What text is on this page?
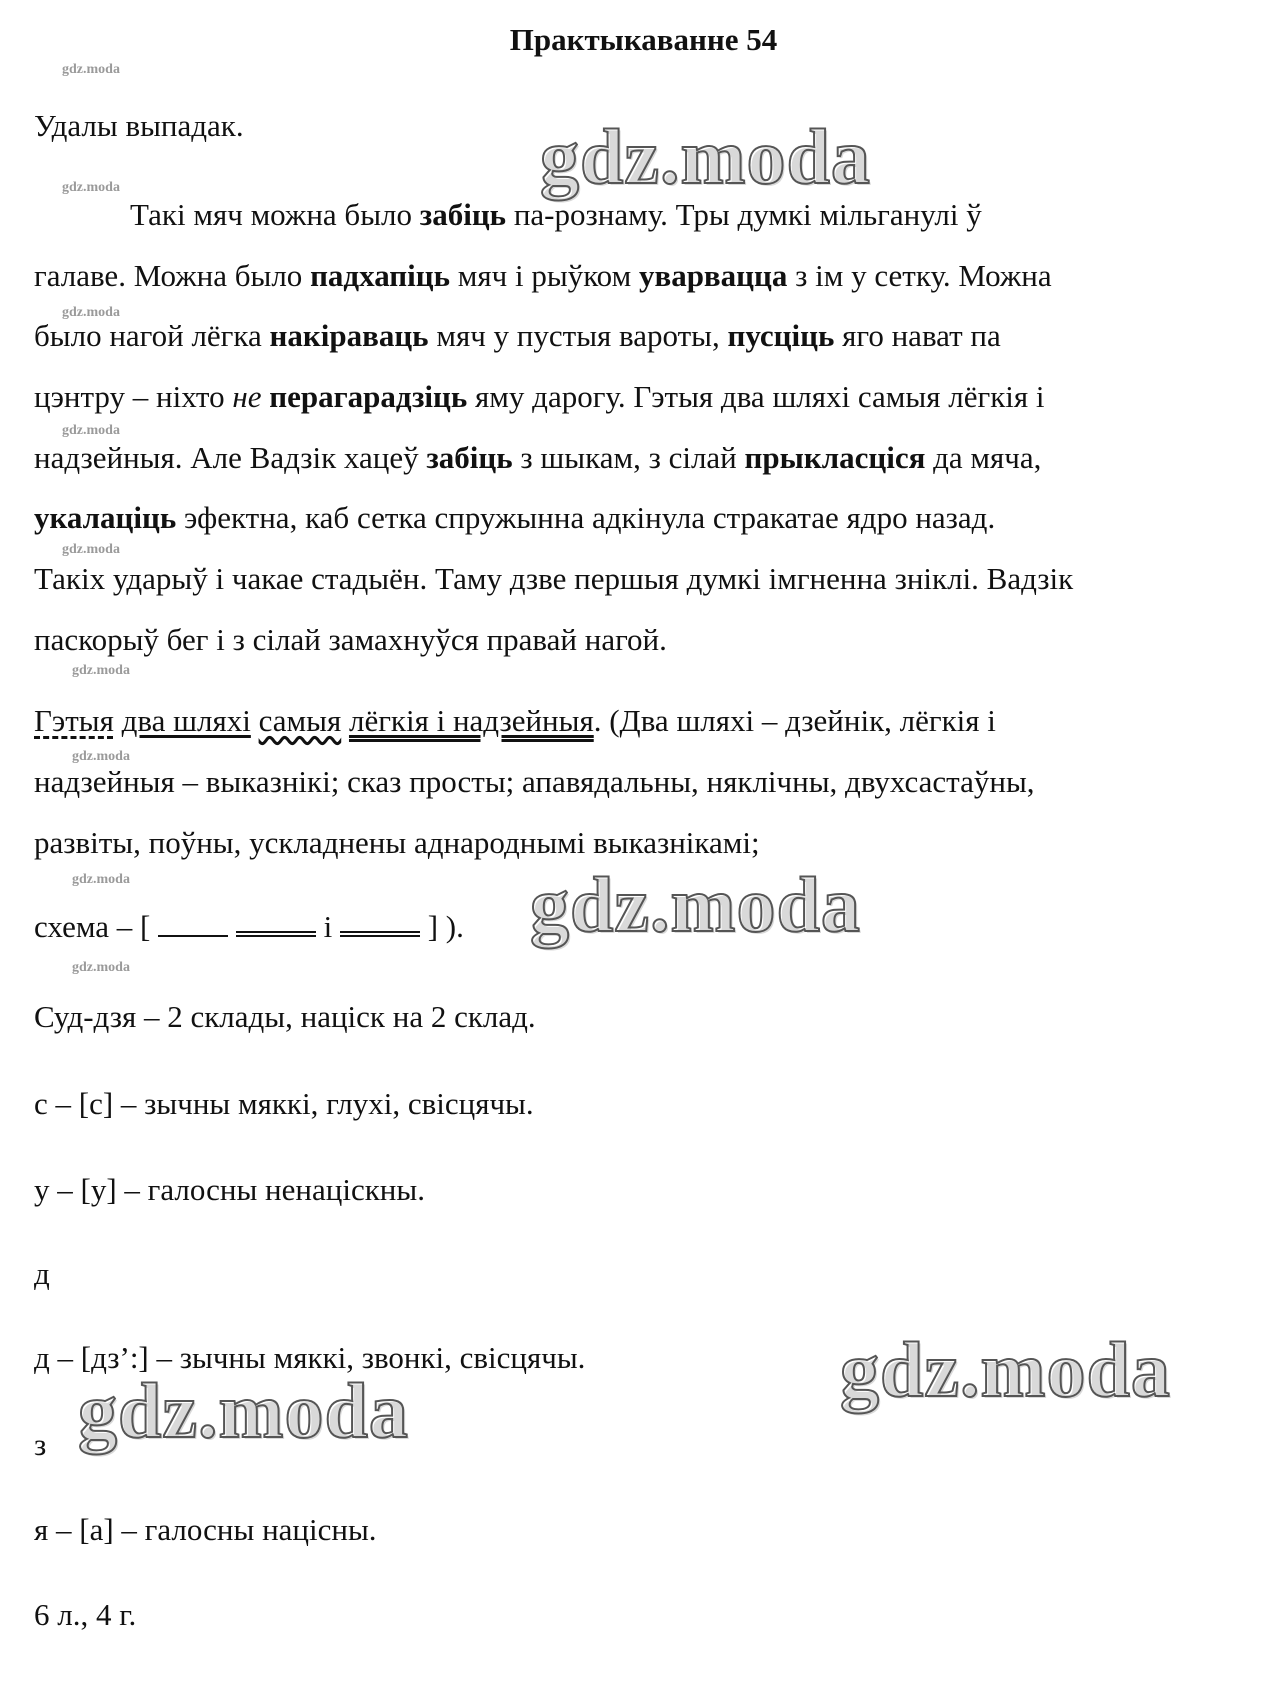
Практыкаванне 54
gdz.moda
gdz.moda
gdz.moda
gdz.moda
gdz.moda
gdz.moda
gdz.moda
gdz.moda
gdz.moda
gdz.moda
gdz.moda
gdz.moda
gdz.moda
Удалы выпадак.
Такі мяч можна было забіць па-рознаму. Тры думкі мільганулі ў
галаве. Можна было падхапіць мяч і рыўком уварвацца з ім у сетку. Можна
было нагой лёгка накіраваць мяч у пустыя вароты, пусціць яго нават па
цэнтру – ніхто не перагарадзіць яму дарогу. Гэтыя два шляхі самыя лёгкія і
надзейныя. Але Вадзік хацеў забіць з шыкам, з сілай прыкласціся да мяча,
укалаціць эфектна, каб сетка спружынна адкінула стракатае ядро назад.
Такіх ударыў і чакае стадыён. Таму дзве першыя думкі імгненна зніклі. Вадзік
паскорыў бег і з сілай замахнуўся правай нагой.
Гэтыя два шляхі самыя лёгкія і надзейныя. (Два шляхі – дзейнік, лёгкія і
надзейныя – выказнікі; сказ просты; апавядальны, няклічны, двухсастаўны,
развіты, поўны, ускладнены аднароднымі выказнікамі;
схема – [	і	] ).
Суд-дзя – 2 склады, націск на 2 склад.
с – [с] – зычны мяккі, глухі, свісцячы.
у – [у] – галосны ненаціскны.
д
д – [дз’:] – зычны мяккі, звонкі, свісцячы.
з
я – [а] – галосны націсны.
6 л., 4 г.
